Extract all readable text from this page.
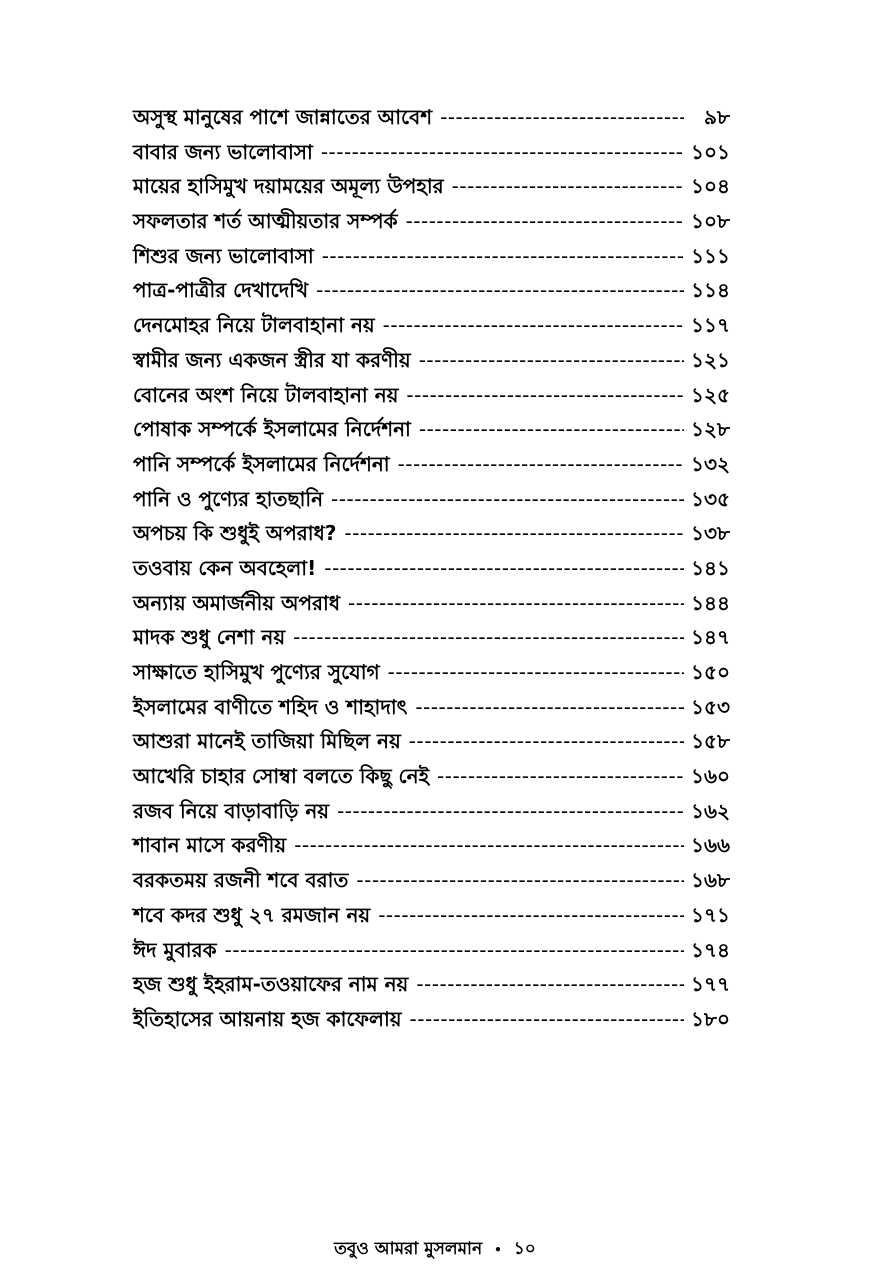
অসুস্থ মানুষের পাশে জান্নাতের আবেশ -----	৯৮
বাবার জন্য ভালোবাসা -----	১০১
মায়ের হাসিমুখ দয়াময়ের অমূল্য উপহার -----	১০৪
সফলতার শর্ত আত্মীয়তার সম্পর্ক -----	১০৮
শিশুর জন্য ভালোবাসা -----	১১১
পাত্র-পাত্রীর দেখাদেখি -----	১১৪
দেনমোহর নিয়ে টালবাহানা নয় -----	১১৭
স্বামীর জন্য একজন স্ত্রীর যা করণীয় -----	১২১
বোনের অংশ নিয়ে টালবাহানা নয় -----	১২৫
পোষাক সম্পর্কে ইসলামের নির্দেশনা -----	১২৮
পানি সম্পর্কে ইসলামের নির্দেশনা -----	১৩২
পানি ও পুণ্যের হাতছানি -----	১৩৫
অপচয় কি শুধুই অপরাধ? -----	১৩৮
তওবায় কেন অবহেলা! -----	১৪১
অন্যায় অমার্জনীয় অপরাধ -----	১৪৪
মাদক শুধু নেশা নয় -----	১৪৭
সাক্ষাতে হাসিমুখ পুণ্যের সুযোগ -----	১৫০
ইসলামের বাণীতে শহিদ ও শাহাদাৎ -----	১৫৩
আশুরা মানেই তাজিয়া মিছিল নয় -----	১৫৮
আখেরি চাহার সোম্বা বলতে কিছু নেই -----	১৬০
রজব নিয়ে বাড়াবাড়ি নয় -----	১৬২
শাবান মাসে করণীয় -----	১৬৬
বরকতময় রজনী শবে বরাত -----	১৬৮
শবে কদর শুধু ২৭ রমজান নয় -----	১৭১
ঈদ মুবারক -----	১৭৪
হজ শুধু ইহরাম-তওয়াফের নাম নয় -----	১৭৭
ইতিহাসের আয়নায় হজ কাফেলায় -----	১৮০
তবুও আমরা মুসলমান • ১০
